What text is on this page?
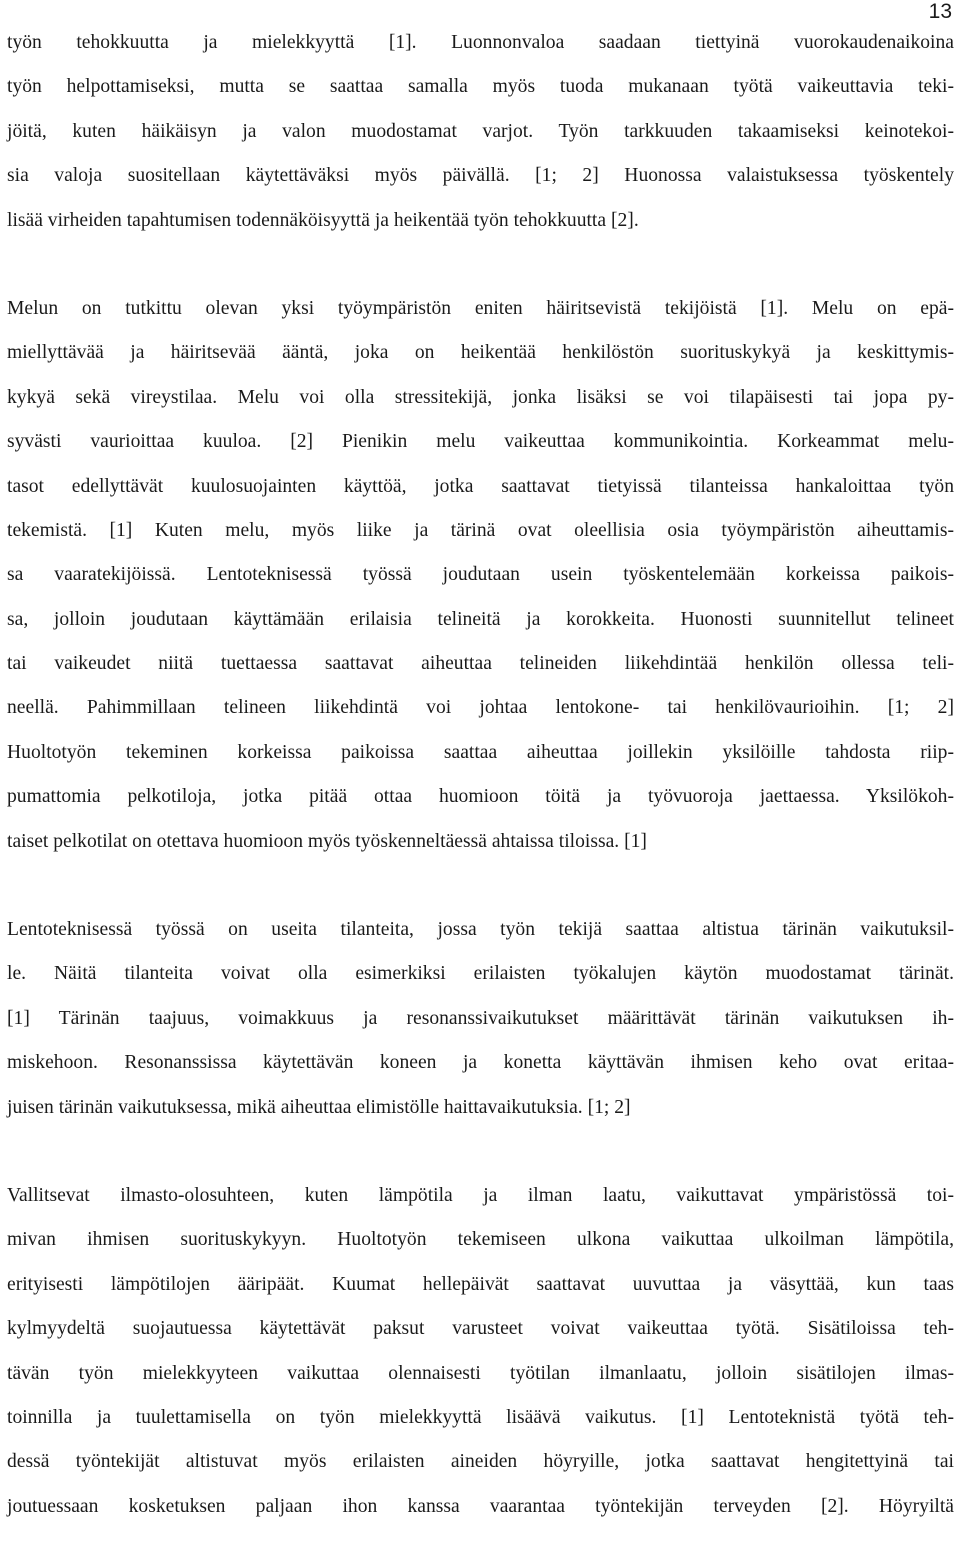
13
työn tehokkuutta ja mielekkyyttä [1]. Luonnonvaloa saadaan tiettyinä vuorokaudenaikoina
työn helpottamiseksi, mutta se saattaa samalla myös tuoda mukanaan työtä vaikeuttavia teki-
jöitä, kuten häikäisyn ja valon muodostamat varjot. Työn tarkkuuden takaamiseksi keinotekoi-
sia valoja suositellaan käytettäväksi myös päivällä. [1; 2] Huonossa valaistuksessa työskentely
lisää virheiden tapahtumisen todennäköisyyttä ja heikentää työn tehokkuutta [2].
Melun on tutkittu olevan yksi työympäristön eniten häiritsevistä tekijöistä [1]. Melu on epä-
miellyttävää ja häiritsevää ääntä, joka on heikentää henkilöstön suorituskykyä ja keskittymis-
kykyä sekä vireystilaa. Melu voi olla stressitekijä, jonka lisäksi se voi tilapäisesti tai jopa py-
syvästi vaurioittaa kuuloa. [2] Pienikin melu vaikeuttaa kommunikointia. Korkeammat melu-
tasot edellyttävät kuulosuojainten käyttöä, jotka saattavat tietyissä tilanteissa hankaloittaa työn
tekemistä. [1] Kuten melu, myös liike ja tärinä ovat oleellisia osia työympäristön aiheuttamis-
sa vaaratekijöissä. Lentoteknisessä työssä joudutaan usein työskentelemään korkeissa paikois-
sa, jolloin joudutaan käyttämään erilaisia telineitä ja korokkeita. Huonosti suunnitellut telineet
tai vaikeudet niitä tuettaessa saattavat aiheuttaa telineiden liikehdintää henkilön ollessa teli-
neellä. Pahimmillaan telineen liikehdintä voi johtaa lentokone- tai henkilövaurioihin. [1; 2]
Huoltotyön tekeminen korkeissa paikoissa saattaa aiheuttaa joillekin yksilöille tahdosta riip-
pumattomia pelkotiloja, jotka pitää ottaa huomioon töitä ja työvuoroja jaettaessa. Yksilökoh-
taiset pelkotilat on otettava huomioon myös työskenneltäessä ahtaissa tiloissa. [1]
Lentoteknisessä työssä on useita tilanteita, jossa työn tekijä saattaa altistua tärinän vaikutuksil-
le. Näitä tilanteita voivat olla esimerkiksi erilaisten työkalujen käytön muodostamat tärinät.
[1] Tärinän taajuus, voimakkuus ja resonanssivaikutukset määrittävät tärinän vaikutuksen ih-
miskehoon. Resonanssissa käytettävän koneen ja konetta käyttävän ihmisen keho ovat eritaa-
juisen tärinän vaikutuksessa, mikä aiheuttaa elimistölle haittavaikutuksia. [1; 2]
Vallitsevat ilmasto-olosuhteen, kuten lämpötila ja ilman laatu, vaikuttavat ympäristössä toi-
mivan ihmisen suorituskykyyn. Huoltotyön tekemiseen ulkona vaikuttaa ulkoilman lämpötila,
erityisesti lämpötilojen ääripäät. Kuumat hellepäivät saattavat uuvuttaa ja väsyttää, kun taas
kylmyydeltä suojautuessa käytettävät paksut varusteet voivat vaikeuttaa työtä. Sisätiloissa teh-
tävän työn mielekkyyteen vaikuttaa olennaisesti työtilan ilmanlaatu, jolloin sisätilojen ilmas-
toinnilla ja tuulettamisella on työn mielekkyyttä lisäävä vaikutus. [1] Lentoteknistä työtä teh-
dessä työntekijät altistuvat myös erilaisten aineiden höyryille, jotka saattavat hengitettyinä tai
joutuessaan kosketuksen paljaan ihon kanssa vaarantaa työntekijän terveyden [2]. Höyryiltä
